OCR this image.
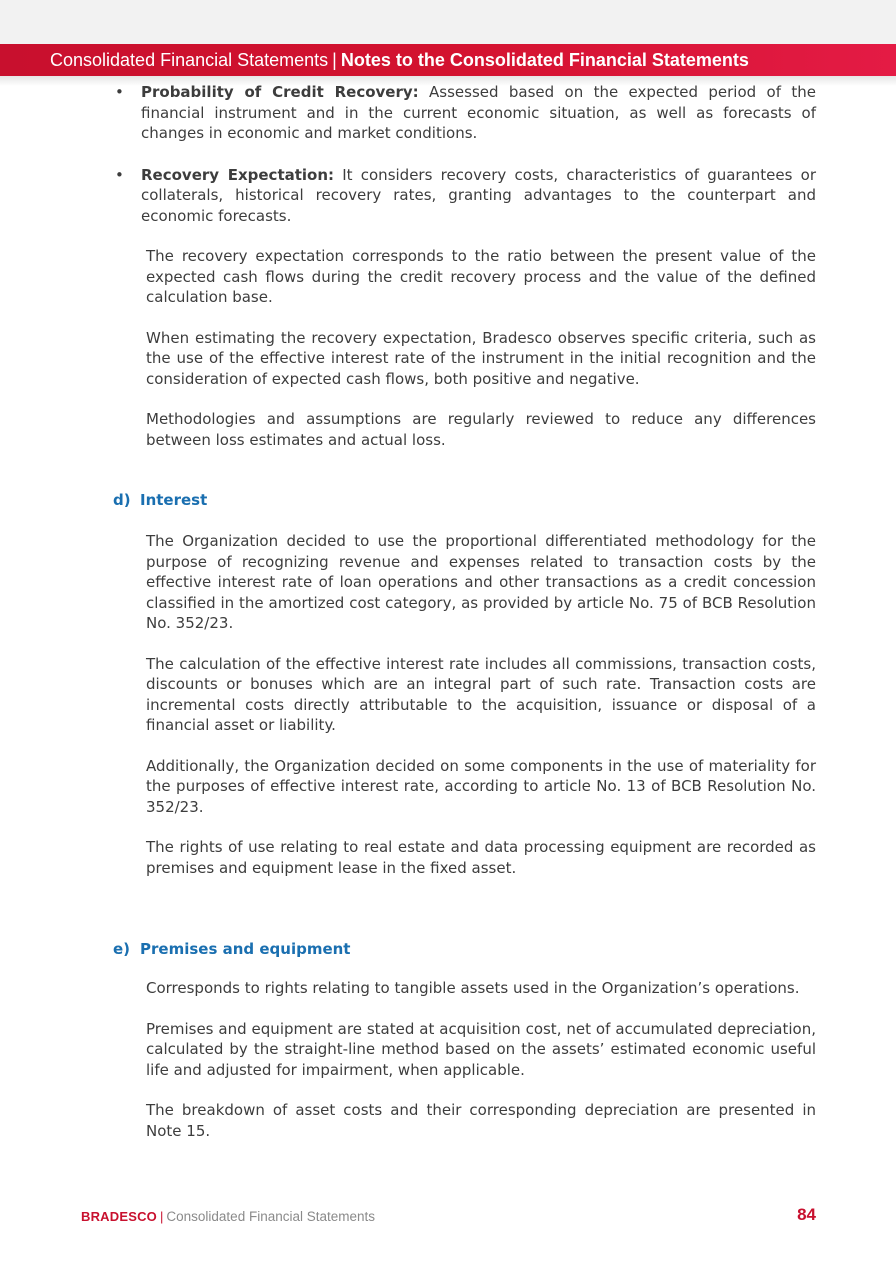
Consolidated Financial Statements | Notes to the Consolidated Financial Statements
• Probability of Credit Recovery: Assessed based on the expected period of the financial instrument and in the current economic situation, as well as forecasts of changes in economic and market conditions.

• Recovery Expectation: It considers recovery costs, characteristics of guarantees or collaterals, historical recovery rates, granting advantages to the counterpart and economic forecasts.

The recovery expectation corresponds to the ratio between the present value of the expected cash flows during the credit recovery process and the value of the defined calculation base.

When estimating the recovery expectation, Bradesco observes specific criteria, such as the use of the effective interest rate of the instrument in the initial recognition and the consideration of expected cash flows, both positive and negative.

Methodologies and assumptions are regularly reviewed to reduce any differences between loss estimates and actual loss.

d) Interest

The Organization decided to use the proportional differentiated methodology for the purpose of recognizing revenue and expenses related to transaction costs by the effective interest rate of loan operations and other transactions as a credit concession classified in the amortized cost category, as provided by article No. 75 of BCB Resolution No. 352/23.

The calculation of the effective interest rate includes all commissions, transaction costs, discounts or bonuses which are an integral part of such rate. Transaction costs are incremental costs directly attributable to the acquisition, issuance or disposal of a financial asset or liability.

Additionally, the Organization decided on some components in the use of materiality for the purposes of effective interest rate, according to article No. 13 of BCB Resolution No. 352/23.

The rights of use relating to real estate and data processing equipment are recorded as premises and equipment lease in the fixed asset.

e) Premises and equipment

Corresponds to rights relating to tangible assets used in the Organization’s operations.

Premises and equipment are stated at acquisition cost, net of accumulated depreciation, calculated by the straight-line method based on the assets’ estimated economic useful life and adjusted for impairment, when applicable.

The breakdown of asset costs and their corresponding depreciation are presented in Note 15.

BRADESCO | Consolidated Financial Statements	84
